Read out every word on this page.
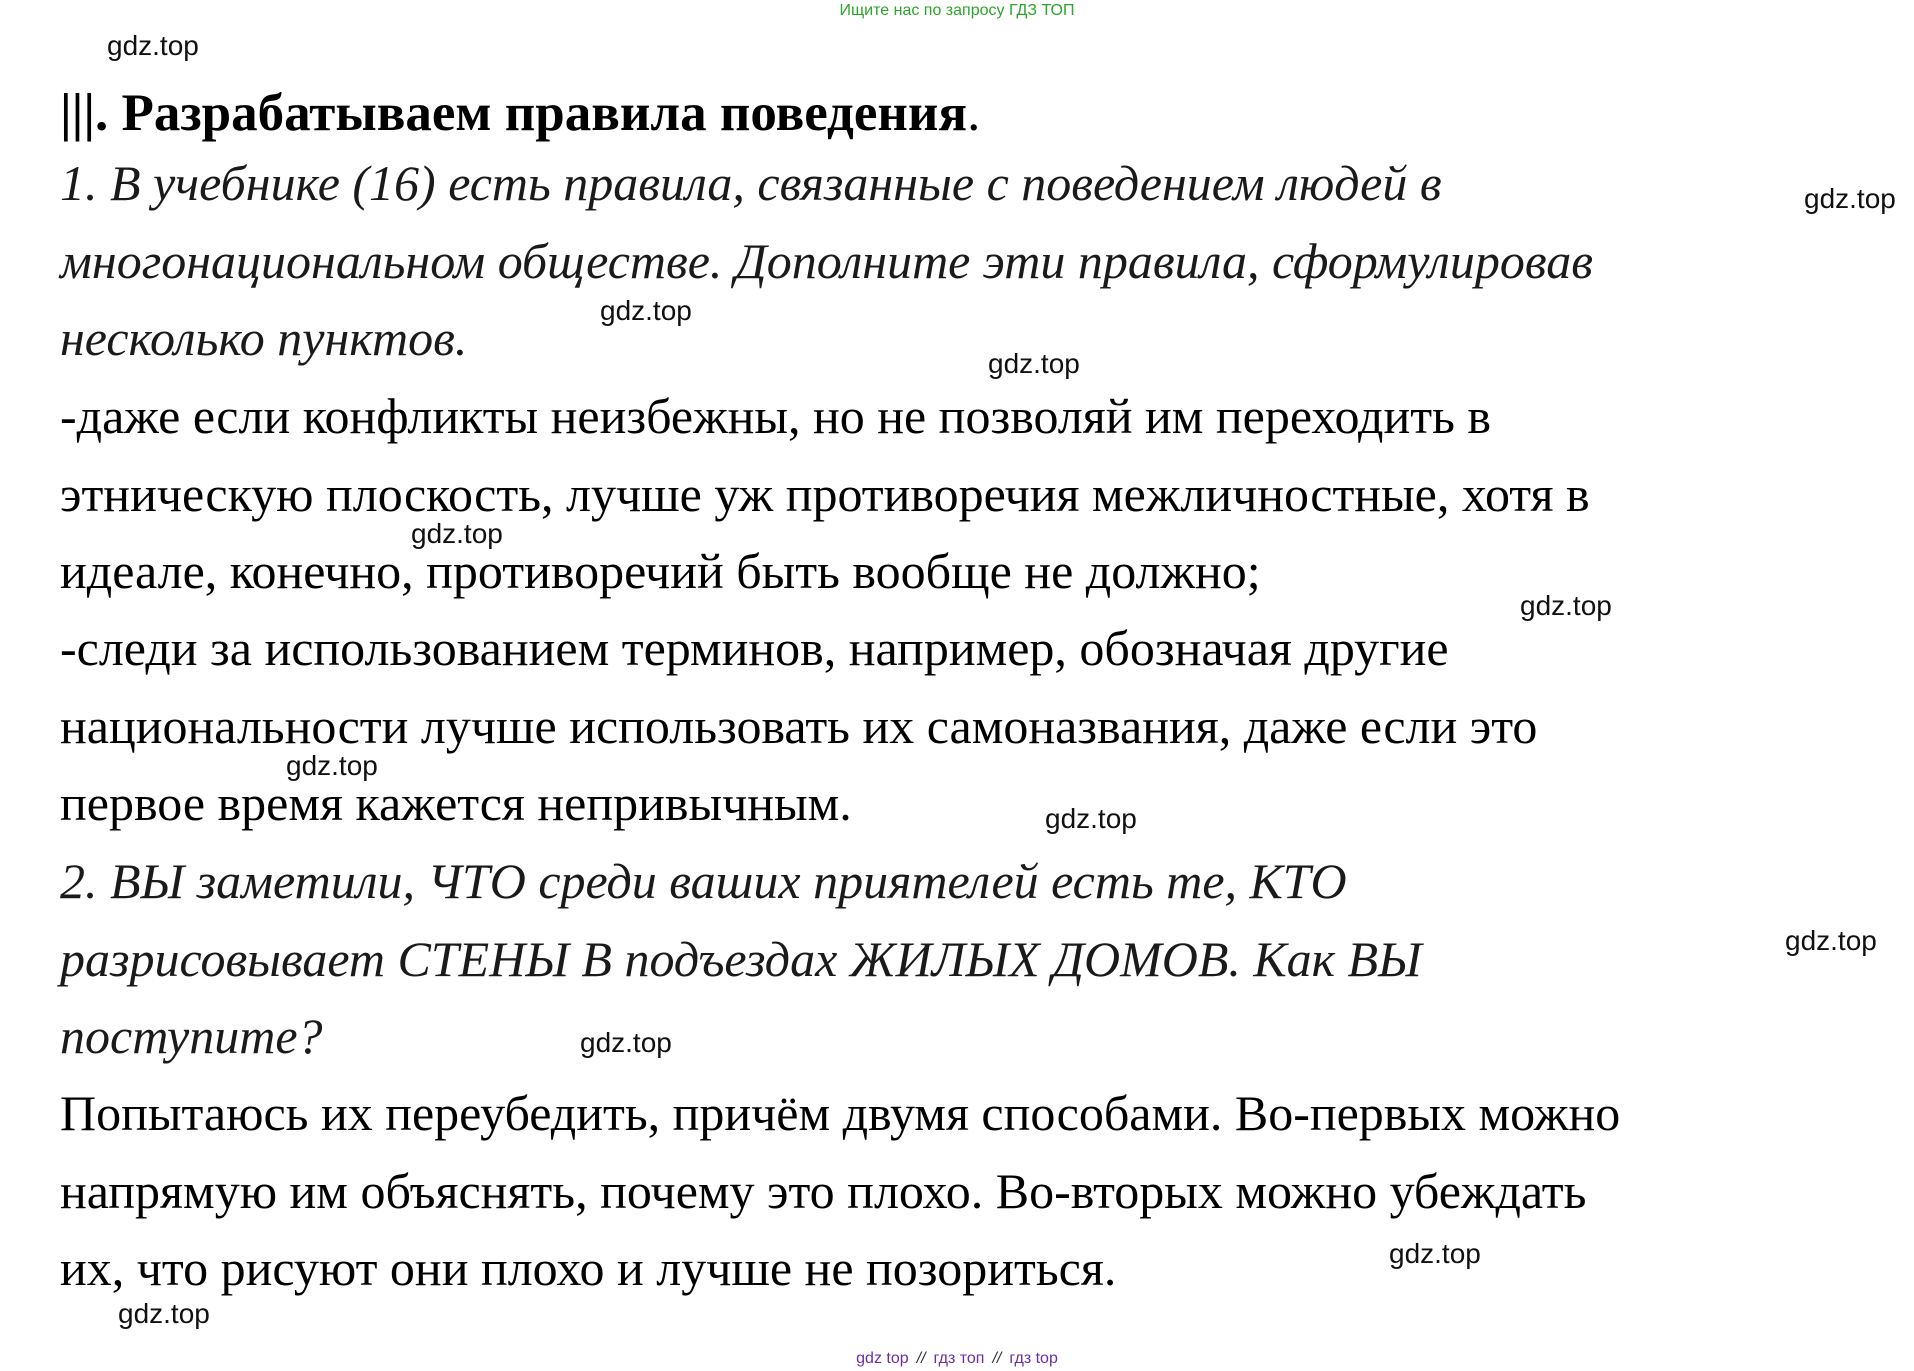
Ищите нас по запросу ГДЗ ТОП
gdz.top
gdz.top
gdz.top
gdz.top
gdz.top
gdz.top
gdz.top
gdz.top
gdz.top
gdz.top
gdz.top
gdz.top
|||. Разрабатываем правила поведения.
1. В учебнике (16) есть правила, связанные с поведением людей в
многонациональном обществе. Дополните эти правила, сформулировав
несколько пунктов.
-даже если конфликты неизбежны, но не позволяй им переходить в
этническую плоскость, лучше уж противоречия межличностные, хотя в
идеале, конечно, противоречий быть вообще не должно;
-следи за использованием терминов, например, обозначая другие
национальности лучше использовать их самоназвания, даже если это
первое время кажется непривычным.
2. ВЫ заметили, ЧТО среди ваших приятелей есть те, КТО
разрисовывает СТЕНЫ В подъездах ЖИЛЫХ ДОМОВ. Как ВЫ
поступите?
Попытаюсь их переубедить, причём двумя способами. Во-первых можно
напрямую им объяснять, почему это плохо. Во-вторых можно убеждать
их, что рисуют они плохо и лучше не позориться.
gdz top // гдз топ // гдз top
